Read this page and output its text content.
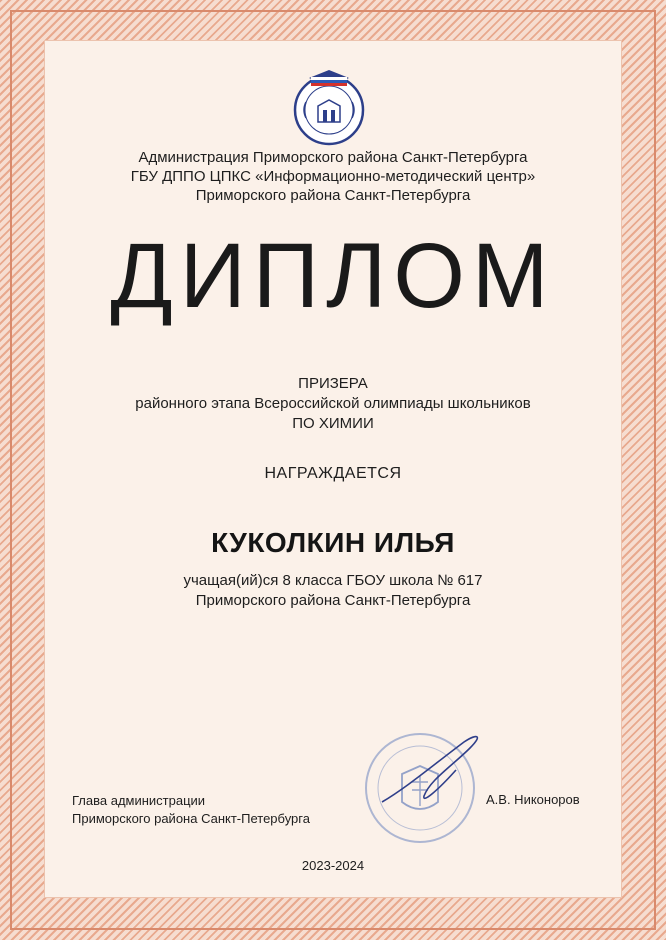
Администрация Приморского района Санкт-Петербурга
ГБУ ДППО ЦПКС «Информационно-методический центр»
Приморского района Санкт-Петербурга
ДИПЛОМ
ПРИЗЕРА
районного этапа Всероссийской олимпиады школьников
ПО ХИМИИ
НАГРАЖДАЕТСЯ
КУКОЛКИН ИЛЬЯ
учащая(ий)ся 8 класса ГБОУ школа № 617
Приморского района Санкт-Петербурга
Глава администрации
Приморского района Санкт-Петербурга
А.В. Никоноров
2023-2024
